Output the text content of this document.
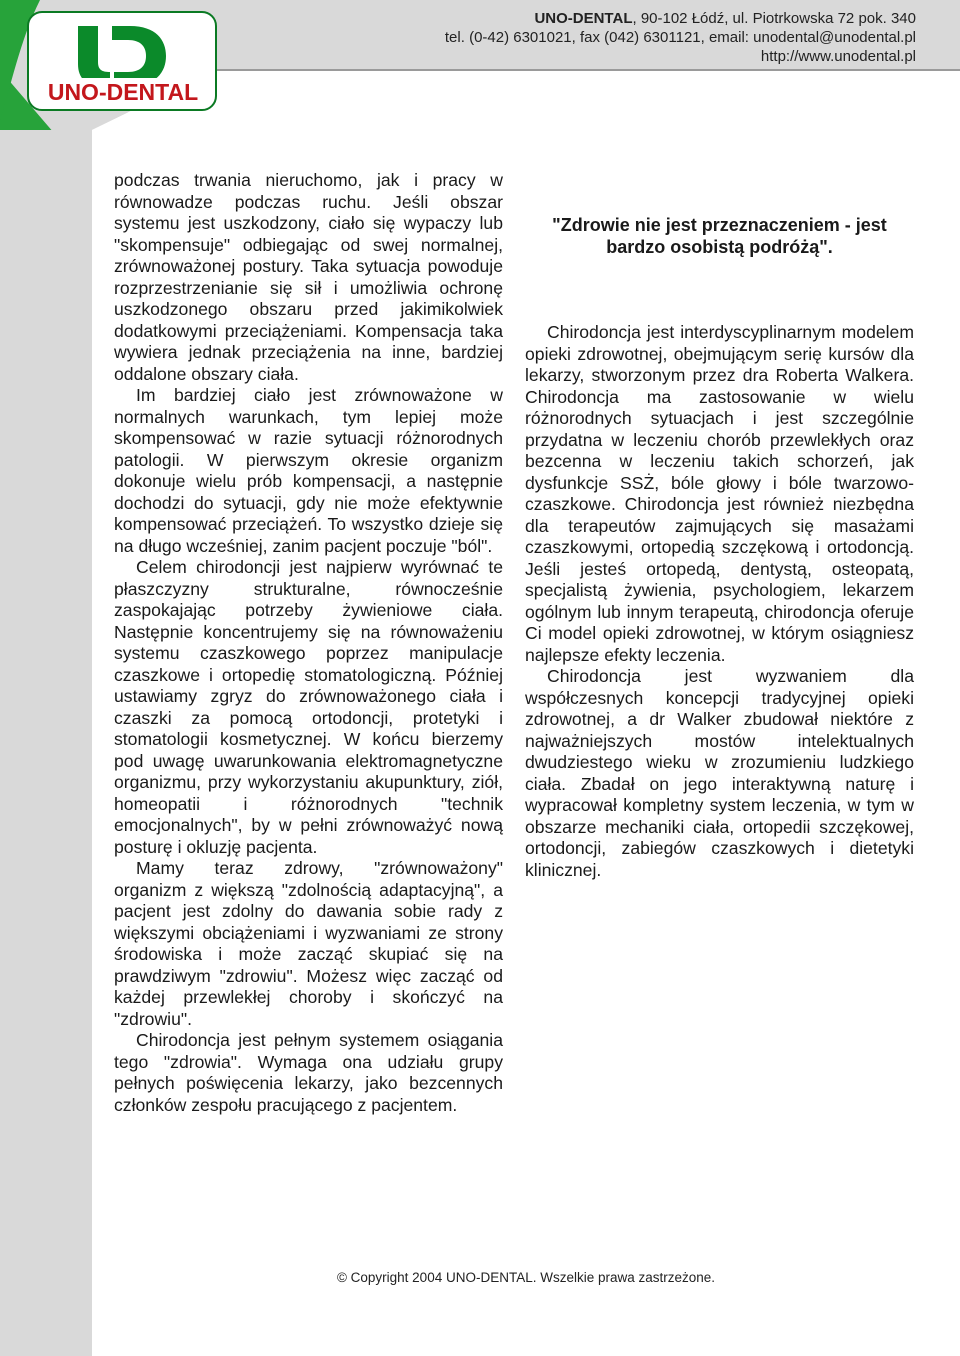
UNO-DENTAL, 90-102 Łódź, ul. Piotrkowska 72 pok. 340
tel. (0-42) 6301021, fax (042) 6301121, email: unodental@unodental.pl
http://www.unodental.pl
UNO-DENTAL

podczas trwania nieruchomo, jak i pracy w równowadze podczas ruchu. Jeśli obszar systemu jest uszkodzony, ciało się wypaczy lub "skompensuje" odbiegając od swej normalnej, zrównoważonej postury. Taka sytuacja powoduje rozprzestrzenianie się sił i umożliwia ochronę uszkodzonego obszaru przed jakimikolwiek dodatkowymi przeciążeniami. Kompensacja taka wywiera jednak przeciążenia na inne, bardziej oddalone obszary ciała.

Im bardziej ciało jest zrównoważone w normalnych warunkach, tym lepiej może skompensować w razie sytuacji różnorodnych patologii. W pierwszym okresie organizm dokonuje wielu prób kompensacji, a następnie dochodzi do sytuacji, gdy nie może efektywnie kompensować przeciążeń. To wszystko dzieje się na długo wcześniej, zanim pacjent poczuje "ból".

Celem chirodoncji jest najpierw wyrównać te płaszczyzny strukturalne, równocześnie zaspokajając potrzeby żywieniowe ciała. Następnie koncentrujemy się na równoważeniu systemu czaszkowego poprzez manipulacje czaszkowe i ortopedię stomatologiczną. Później ustawiamy zgryz do zrównoważonego ciała i czaszki za pomocą ortodoncji, protetyki i stomatologii kosmetycznej. W końcu bierzemy pod uwagę uwarunkowania elektromagnetyczne organizmu, przy wykorzystaniu akupunktury, ziół, homeopatii i różnorodnych "technik emocjonalnych", by w pełni zrównoważyć nową posturę i okluzję pacjenta.

Mamy teraz zdrowy, "zrównoważony" organizm z większą "zdolnością adaptacyjną", a pacjent jest zdolny do dawania sobie rady z większymi obciążeniami i wyzwaniami ze strony środowiska i może zacząć skupiać się na prawdziwym "zdrowiu". Możesz więc zacząć od każdej przewlekłej choroby i skończyć na "zdrowiu".

Chirodoncja jest pełnym systemem osiągania tego "zdrowia". Wymaga ona udziału grupy pełnych poświęcenia lekarzy, jako bezcennych członków zespołu pracującego z pacjentem.

"Zdrowie nie jest przeznaczeniem - jest bardzo osobistą podróżą".

Chirodoncja jest interdyscyplinarnym modelem opieki zdrowotnej, obejmującym serię kursów dla lekarzy, stworzonym przez dra Roberta Walkera. Chirodoncja ma zastosowanie w wielu różnorodnych sytuacjach i jest szczególnie przydatna w leczeniu chorób przewlekłych oraz bezcenna w leczeniu takich schorzeń, jak dysfunkcje SSŻ, bóle głowy i bóle twarzowo-czaszkowe. Chirodoncja jest również niezbędna dla terapeutów zajmujących się masażami czaszkowymi, ortopedią szczękową i ortodoncją. Jeśli jesteś ortopedą, dentystą, osteopatą, specjalistą żywienia, psychologiem, lekarzem ogólnym lub innym terapeutą, chirodoncja oferuje Ci model opieki zdrowotnej, w którym osiągniesz najlepsze efekty leczenia.

Chirodoncja jest wyzwaniem dla współczesnych koncepcji tradycyjnej opieki zdrowotnej, a dr Walker zbudował niektóre z najważniejszych mostów intelektualnych dwudziestego wieku w zrozumieniu ludzkiego ciała. Zbadał on jego interaktywną naturę i wypracował kompletny system leczenia, w tym w obszarze mechaniki ciała, ortopedii szczękowej, ortodoncji, zabiegów czaszkowych i dietetyki klinicznej.

© Copyright 2004 UNO-DENTAL. Wszelkie prawa zastrzeżone.
